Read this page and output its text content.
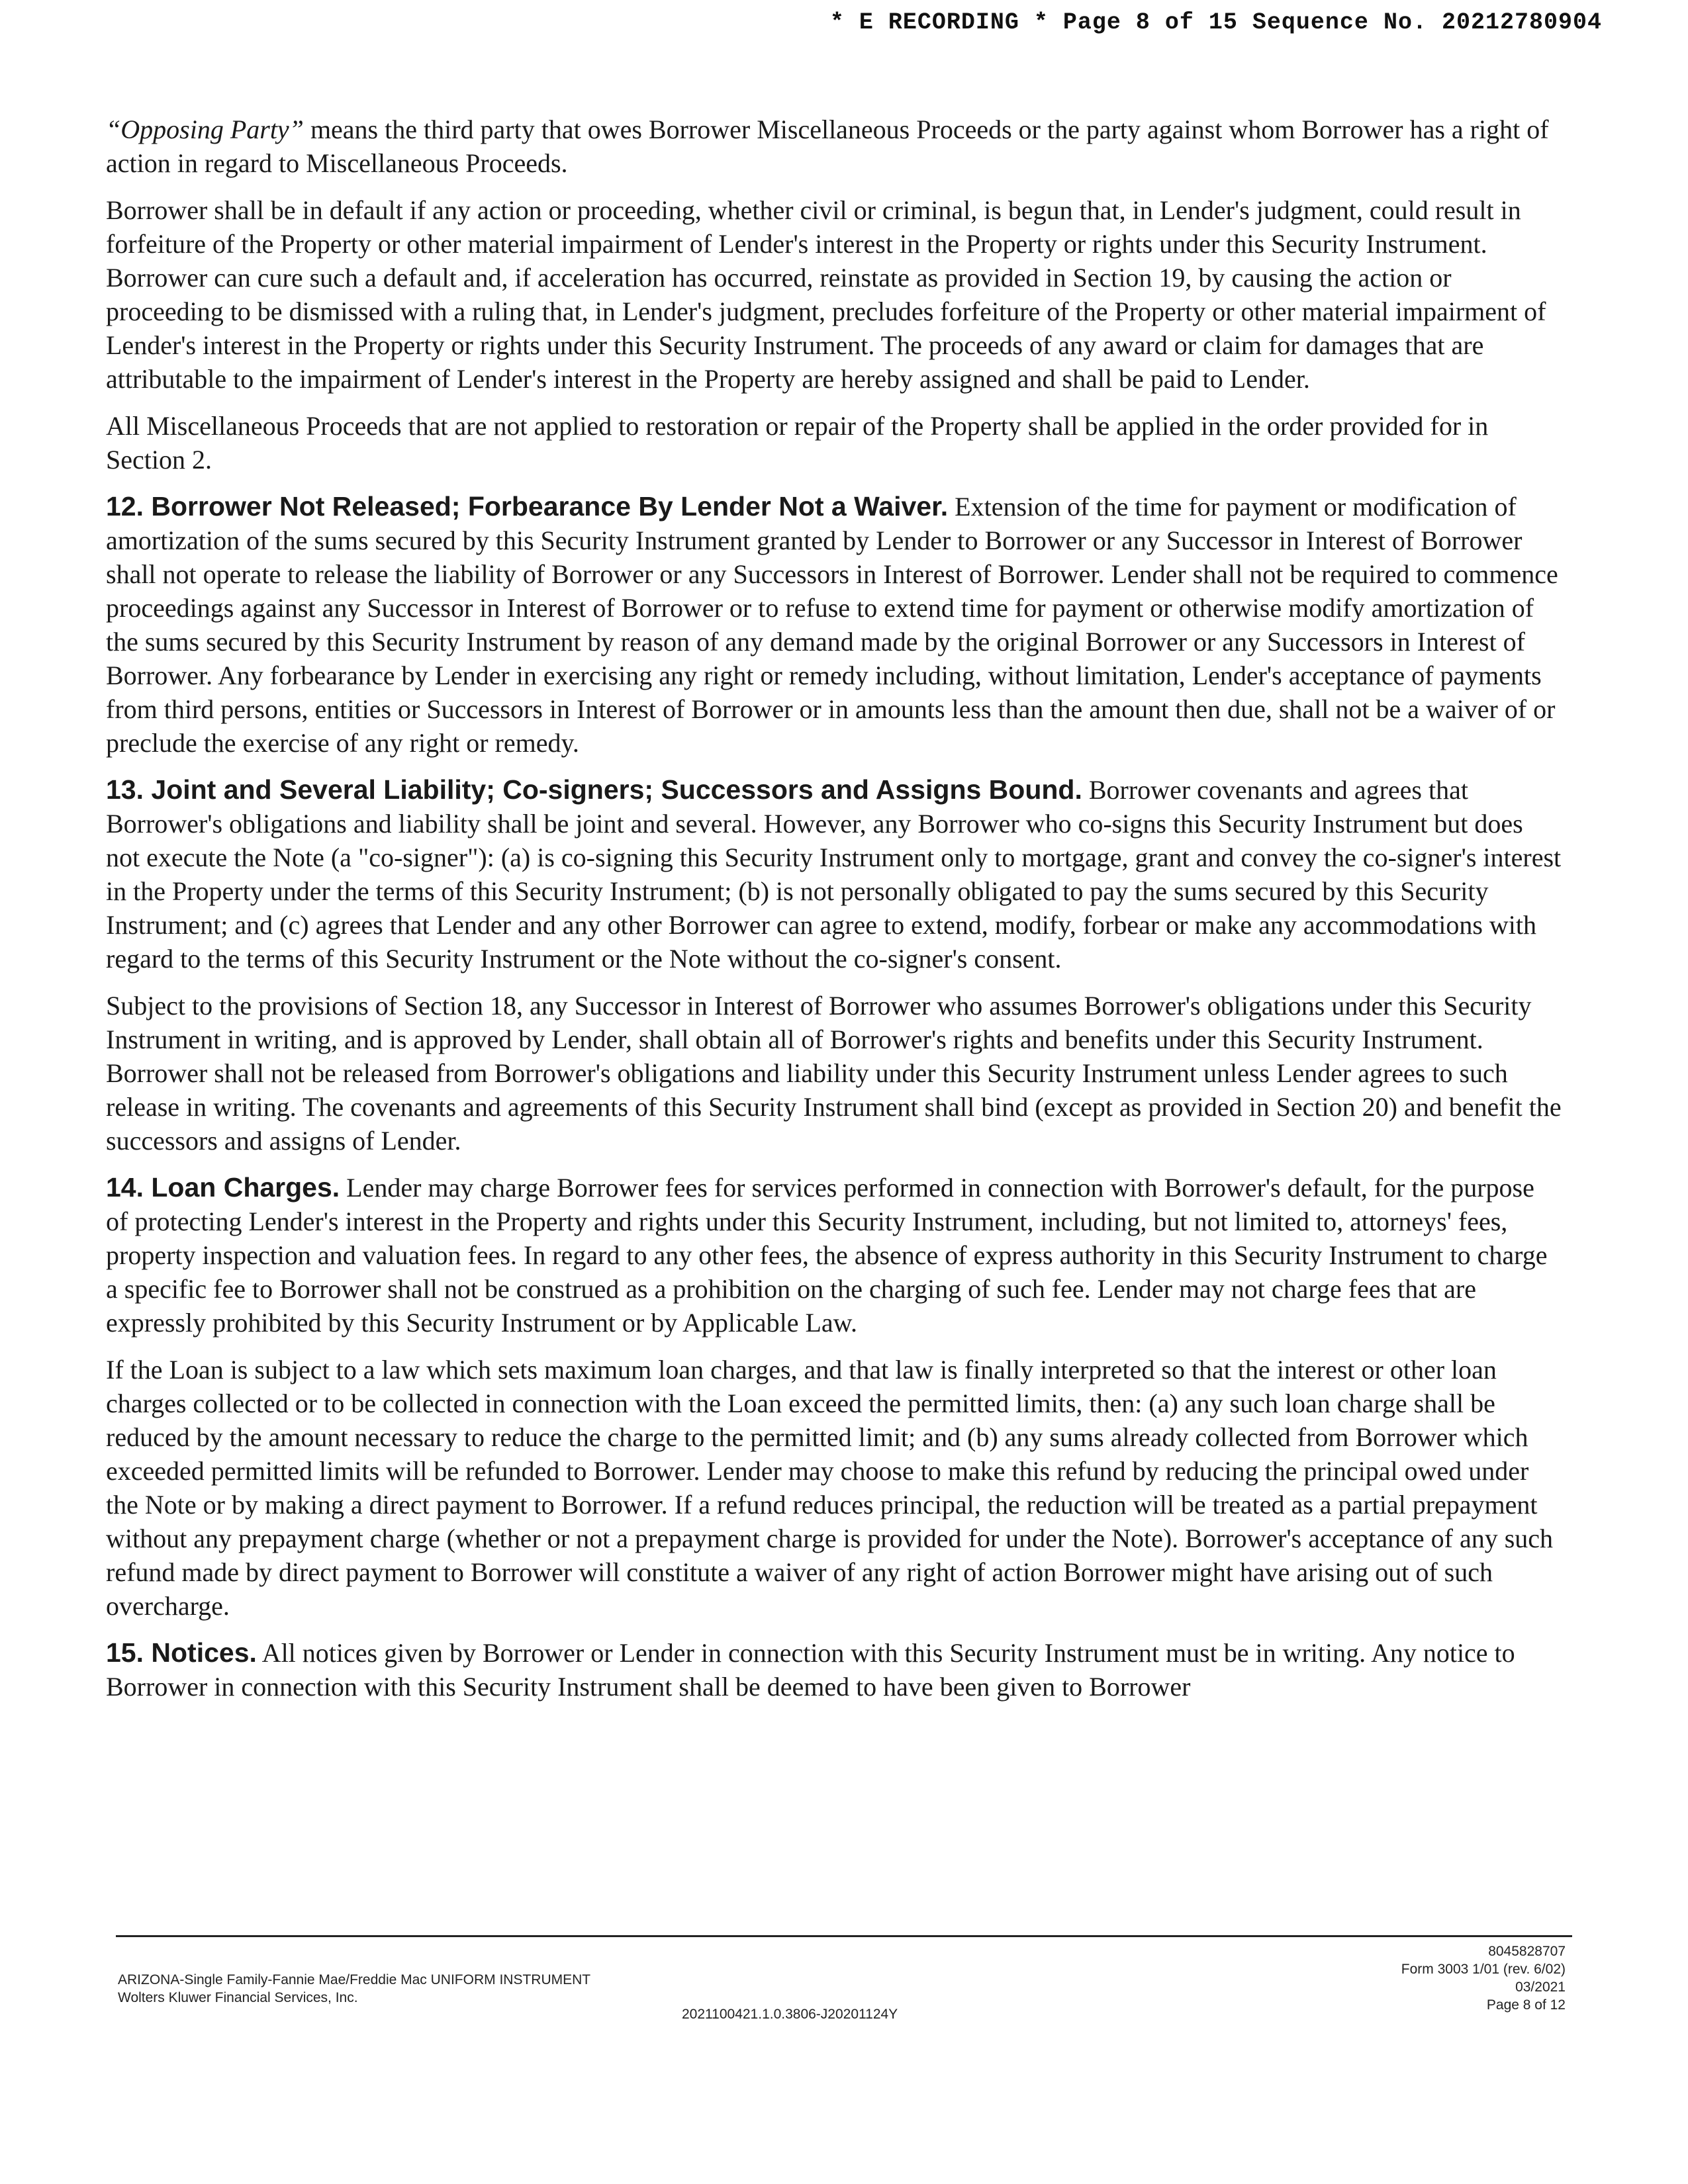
* E RECORDING * Page 8 of 15 Sequence No. 20212780904

“Opposing Party” means the third party that owes Borrower Miscellaneous Proceeds or the party against whom Borrower has a right of action in regard to Miscellaneous Proceeds.

Borrower shall be in default if any action or proceeding, whether civil or criminal, is begun that, in Lender's judgment, could result in forfeiture of the Property or other material impairment of Lender's interest in the Property or rights under this Security Instrument. Borrower can cure such a default and, if acceleration has occurred, reinstate as provided in Section 19, by causing the action or proceeding to be dismissed with a ruling that, in Lender's judgment, precludes forfeiture of the Property or other material impairment of Lender's interest in the Property or rights under this Security Instrument. The proceeds of any award or claim for damages that are attributable to the impairment of Lender's interest in the Property are hereby assigned and shall be paid to Lender.

All Miscellaneous Proceeds that are not applied to restoration or repair of the Property shall be applied in the order provided for in Section 2.

12. Borrower Not Released; Forbearance By Lender Not a Waiver. Extension of the time for payment or modification of amortization of the sums secured by this Security Instrument granted by Lender to Borrower or any Successor in Interest of Borrower shall not operate to release the liability of Borrower or any Successors in Interest of Borrower. Lender shall not be required to commence proceedings against any Successor in Interest of Borrower or to refuse to extend time for payment or otherwise modify amortization of the sums secured by this Security Instrument by reason of any demand made by the original Borrower or any Successors in Interest of Borrower. Any forbearance by Lender in exercising any right or remedy including, without limitation, Lender's acceptance of payments from third persons, entities or Successors in Interest of Borrower or in amounts less than the amount then due, shall not be a waiver of or preclude the exercise of any right or remedy.

13. Joint and Several Liability; Co-signers; Successors and Assigns Bound. Borrower covenants and agrees that Borrower's obligations and liability shall be joint and several. However, any Borrower who co-signs this Security Instrument but does not execute the Note (a "co-signer"): (a) is co-signing this Security Instrument only to mortgage, grant and convey the co-signer's interest in the Property under the terms of this Security Instrument; (b) is not personally obligated to pay the sums secured by this Security Instrument; and (c) agrees that Lender and any other Borrower can agree to extend, modify, forbear or make any accommodations with regard to the terms of this Security Instrument or the Note without the co-signer's consent.

Subject to the provisions of Section 18, any Successor in Interest of Borrower who assumes Borrower's obligations under this Security Instrument in writing, and is approved by Lender, shall obtain all of Borrower's rights and benefits under this Security Instrument. Borrower shall not be released from Borrower's obligations and liability under this Security Instrument unless Lender agrees to such release in writing. The covenants and agreements of this Security Instrument shall bind (except as provided in Section 20) and benefit the successors and assigns of Lender.

14. Loan Charges. Lender may charge Borrower fees for services performed in connection with Borrower's default, for the purpose of protecting Lender's interest in the Property and rights under this Security Instrument, including, but not limited to, attorneys' fees, property inspection and valuation fees. In regard to any other fees, the absence of express authority in this Security Instrument to charge a specific fee to Borrower shall not be construed as a prohibition on the charging of such fee. Lender may not charge fees that are expressly prohibited by this Security Instrument or by Applicable Law.

If the Loan is subject to a law which sets maximum loan charges, and that law is finally interpreted so that the interest or other loan charges collected or to be collected in connection with the Loan exceed the permitted limits, then: (a) any such loan charge shall be reduced by the amount necessary to reduce the charge to the permitted limit; and (b) any sums already collected from Borrower which exceeded permitted limits will be refunded to Borrower. Lender may choose to make this refund by reducing the principal owed under the Note or by making a direct payment to Borrower. If a refund reduces principal, the reduction will be treated as a partial prepayment without any prepayment charge (whether or not a prepayment charge is provided for under the Note). Borrower's acceptance of any such refund made by direct payment to Borrower will constitute a waiver of any right of action Borrower might have arising out of such overcharge.

15. Notices. All notices given by Borrower or Lender in connection with this Security Instrument must be in writing. Any notice to Borrower in connection with this Security Instrument shall be deemed to have been given to Borrower

ARIZONA-Single Family-Fannie Mae/Freddie Mac UNIFORM INSTRUMENT
Wolters Kluwer Financial Services, Inc.
2021100421.1.0.3806-J20201124Y
8045828707
Form 3003 1/01 (rev. 6/02)
03/2021
Page 8 of 12
